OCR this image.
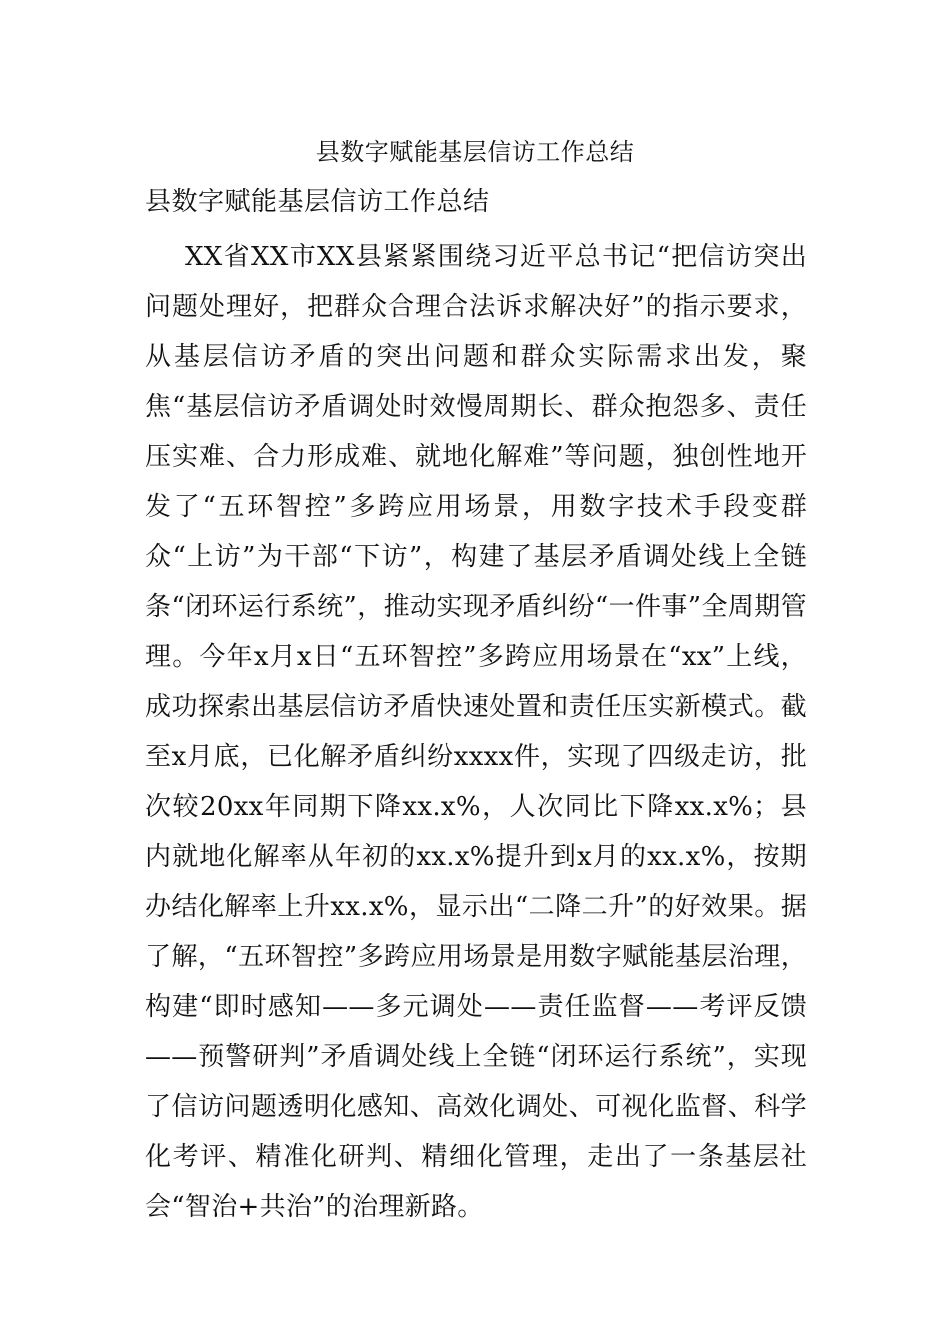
县数字赋能基层信访工作总结
县数字赋能基层信访工作总结

XX省XX市XX县紧紧围绕习近平总书记“把信访突出问题处理好，把群众合理合法诉求解决好”的指示要求，从基层信访矛盾的突出问题和群众实际需求出发，聚焦“基层信访矛盾调处时效慢周期长、群众抱怨多、责任压实难、合力形成难、就地化解难”等问题，独创性地开发了“五环智控”多跨应用场景，用数字技术手段变群众“上访”为干部“下访”，构建了基层矛盾调处线上全链条“闭环运行系统”，推动实现矛盾纠纷“一件事”全周期管理。今年x月x日“五环智控”多跨应用场景在“xx”上线，成功探索出基层信访矛盾快速处置和责任压实新模式。截至x月底，已化解矛盾纠纷xxxx件，实现了四级走访，批次较20xx年同期下降xx.x%，人次同比下降xx.x%；县内就地化解率从年初的xx.x%提升到x月的xx.x%，按期办结化解率上升xx.x%，显示出“二降二升”的好效果。据了解，“五环智控”多跨应用场景是用数字赋能基层治理，构建“即时感知——多元调处——责任监督——考评反馈——预警研判”矛盾调处线上全链“闭环运行系统”，实现了信访问题透明化感知、高效化调处、可视化监督、科学化考评、精准化研判、精细化管理，走出了一条基层社会“智治+共治”的治理新路。
